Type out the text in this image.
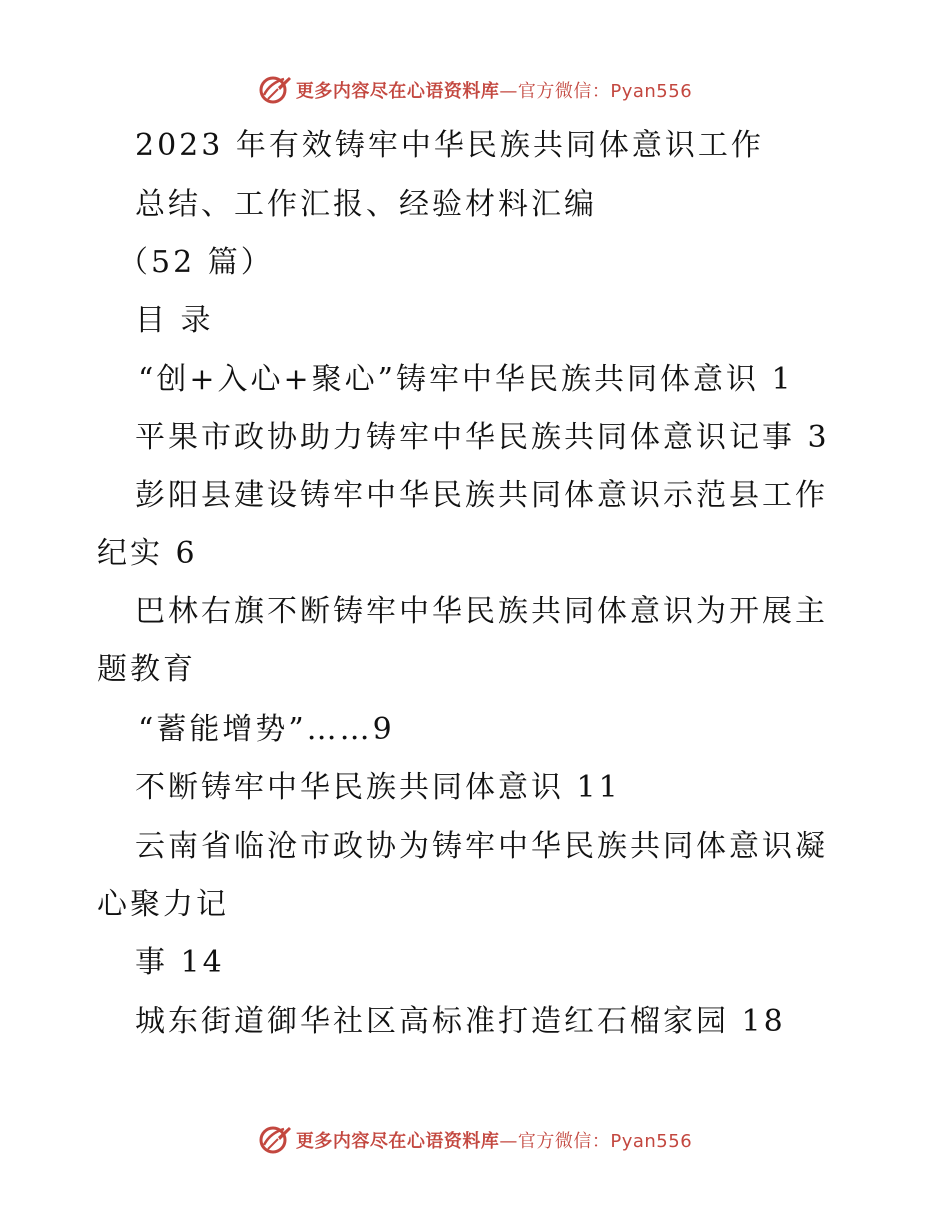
更多内容尽在心语资料库—官方微信：Pyan556
2023 年有效铸牢中华民族共同体意识工作
总结、工作汇报、经验材料汇编
（52 篇）
目 录
“创+入心+聚心”铸牢中华民族共同体意识 1
平果市政协助力铸牢中华民族共同体意识记事 3
彭阳县建设铸牢中华民族共同体意识示范县工作
纪实 6
巴林右旗不断铸牢中华民族共同体意识为开展主
题教育
“蓄能增势”……9
不断铸牢中华民族共同体意识 11
云南省临沧市政协为铸牢中华民族共同体意识凝
心聚力记
事 14
城东街道御华社区高标准打造红石榴家园 18
更多内容尽在心语资料库—官方微信：Pyan556
